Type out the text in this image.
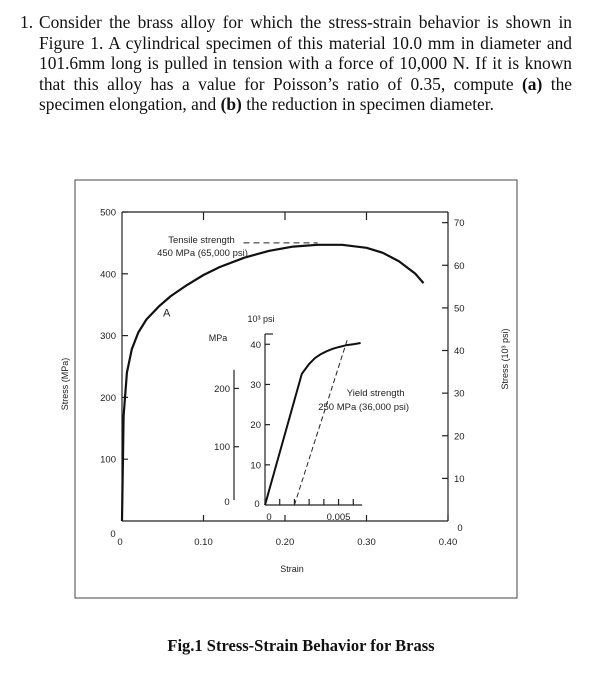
1. Consider the brass alloy for which the stress-strain behavior is shown in Figure 1. A cylindrical specimen of this material 10.0 mm in diameter and 101.6mm long is pulled in tension with a force of 10,000 N. If it is known that this alloy has a value for Poisson’s ratio of 0.35, compute (a) the specimen elongation, and (b) the reduction in specimen diameter.
100
200
300
400
500
0
0
10
20
30
40
50
60
70
0
0.10	0.20	0.30	0.40
Strain
Stress (MPa)	Stress (10³ psi)
A
Tensile strength
450 MPa (65,000 psi)
100
200
0
MPa
10
20
30
40
0
10³ psi
0	0.005
Yield strength
250 MPa (36,000 psi)
Fig.1 Stress-Strain Behavior for Brass
